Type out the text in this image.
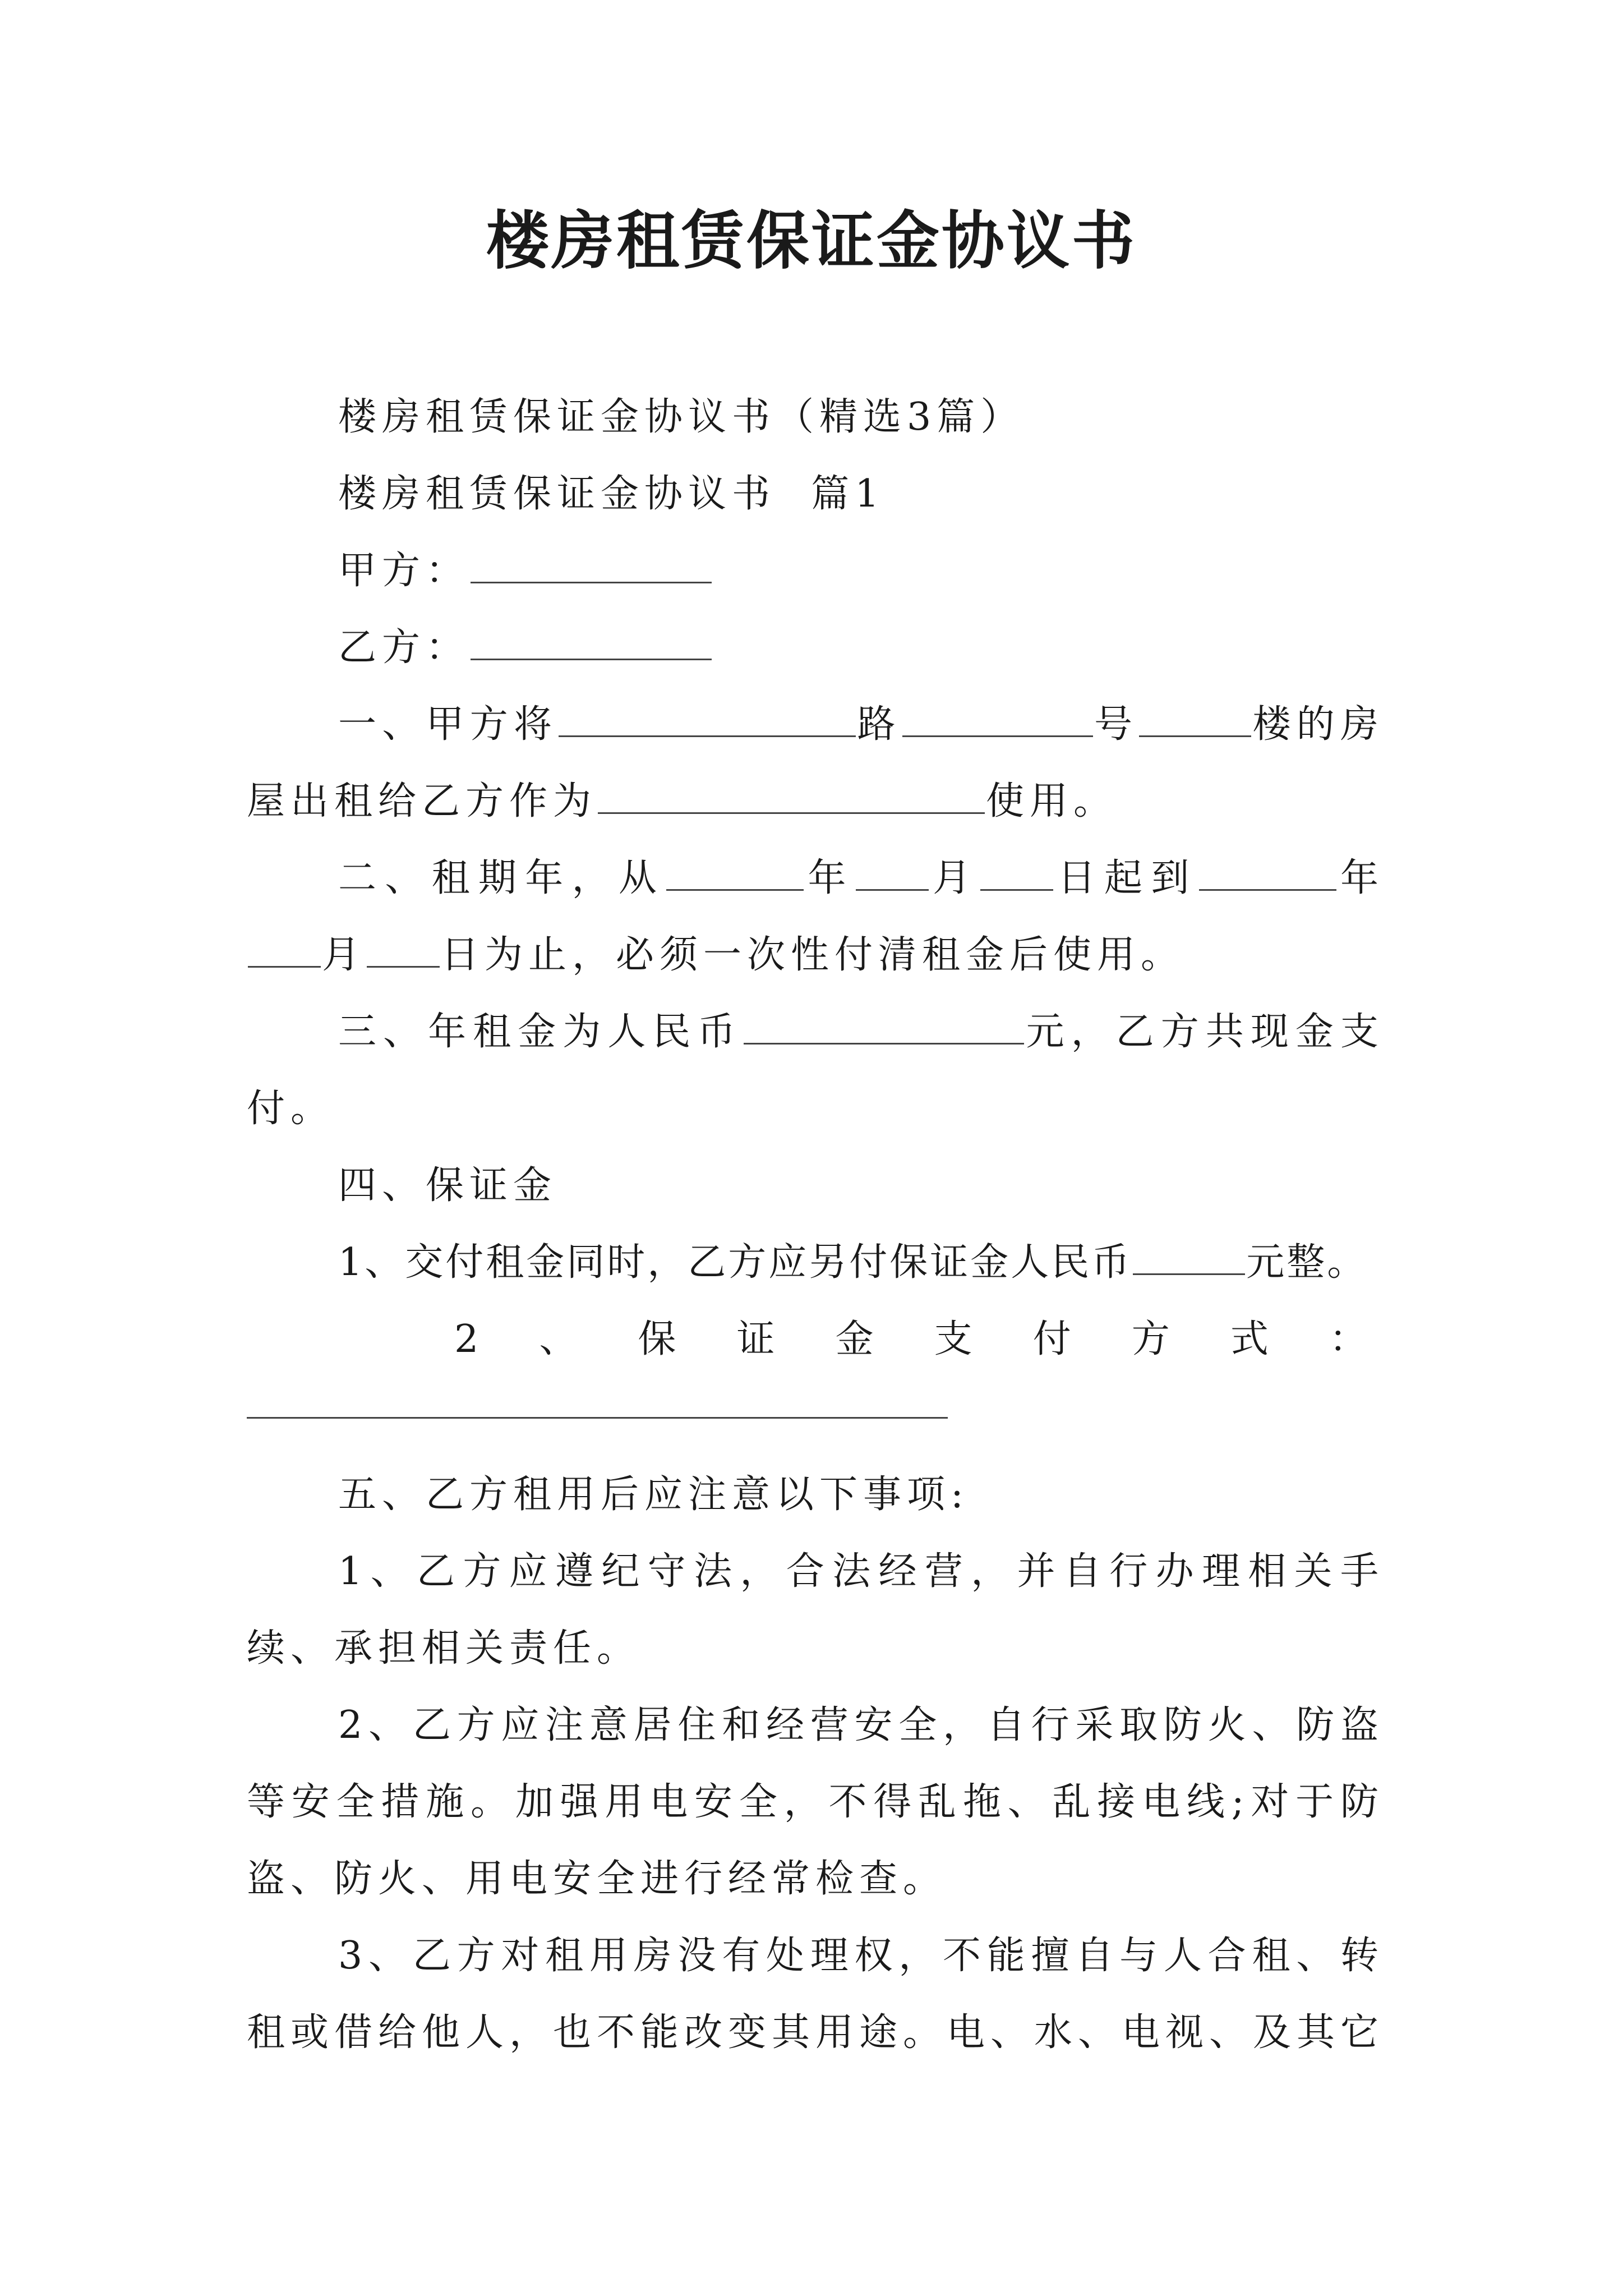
楼房租赁保证金协议书

楼房租赁保证金协议书（精选3篇）

楼房租赁保证金协议书  篇1

甲方：

乙方：

一、甲方将	路	号	楼的房屋出租给乙方作为	使用。

二、租期年，从	年 月 日起到	年月 日为止，必须一次性付清租金后使用。

三、年租金为人民币	元，乙方共现金支付。

四、保证金

1、交付租金同时，乙方应另付保证金人民币	元整。

2 、 保 证 金 支 付 方 式 ：

五、乙方租用后应注意以下事项:

1、乙方应遵纪守法，合法经营，并自行办理相关手续、承担相关责任。

2、乙方应注意居住和经营安全，自行采取防火、防盗等安全措施。加强用电安全，不得乱拖、乱接电线;对于防盗、防火、用电安全进行经常检查。

3、乙方对租用房没有处理权，不能擅自与人合租、转租或借给他人，也不能改变其用途。电、水、电视、及其它
